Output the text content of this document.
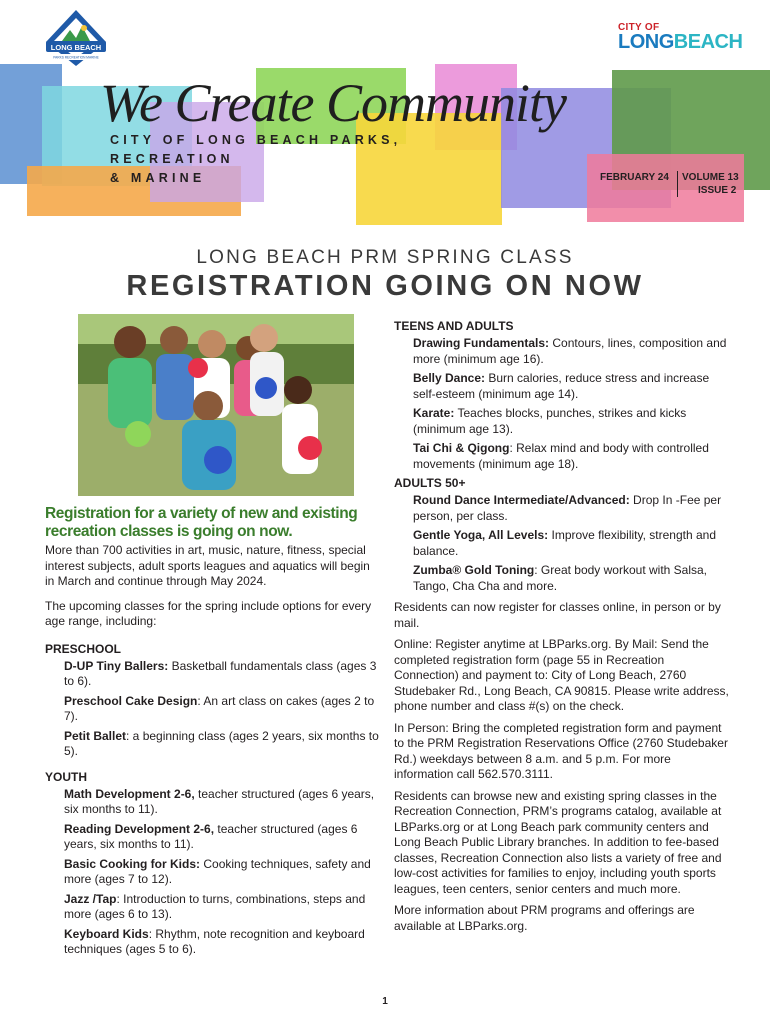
LONG BEACH
PARKS RECREATION MARINE
CITY OF
LONGBEACH
We Create Community
CITY OF LONG BEACH PARKS, RECREATION
& MARINE	FEBRUARY 24 VOLUME 13
ISSUE 2
LONG BEACH PRM SPRING CLASS
REGISTRATION GOING ON NOW
Registration for a variety of new and existing recreation classes is going on now.
More than 700 activities in art, music, nature, fitness, special interest subjects, adult sports leagues and aquatics will begin in March and continue through May 2024.
The upcoming classes for the spring include options for every age range, including:
PRESCHOOL
D-UP Tiny Ballers: Basketball fundamentals class (ages 3 to 6).
Preschool Cake Design: An art class on cakes (ages 2 to 7).
Petit Ballet: a beginning class (ages 2 years, six months to 5).
YOUTH
Math Development 2-6, teacher structured (ages 6 years, six months to 11).
Reading Development 2-6, teacher structured (ages 6 years, six months to 11).
Basic Cooking for Kids: Cooking techniques, safety and more (ages 7 to 12).
Jazz /Tap: Introduction to turns, combinations, steps and more (ages 6 to 13).
Keyboard Kids: Rhythm, note recognition and keyboard techniques (ages 5 to 6).
TEENS AND ADULTS
Drawing Fundamentals: Contours, lines, composition and more (minimum age 16).
Belly Dance: Burn calories, reduce stress and increase self-esteem (minimum age 14).
Karate: Teaches blocks, punches, strikes and kicks (minimum age 13).
Tai Chi & Qigong: Relax mind and body with controlled movements (minimum age 18).
ADULTS 50+
Round Dance Intermediate/Advanced: Drop In -Fee per person, per class.
Gentle Yoga, All Levels: Improve flexibility, strength and balance.
Zumba® Gold Toning: Great body workout with Salsa, Tango, Cha Cha and more.
Residents can now register for classes online, in person or by mail.
Online: Register anytime at LBParks.org. By Mail: Send the completed registration form (page 55 in Recreation Connection) and payment to: City of Long Beach, 2760 Studebaker Rd., Long Beach, CA 90815. Please write address, phone number and class #(s) on the check.
In Person: Bring the completed registration form and payment to the PRM Registration Reservations Office (2760 Studebaker Rd.) weekdays between 8 a.m. and 5 p.m. For more information call 562.570.3111.
Residents can browse new and existing spring classes in the Recreation Connection, PRM’s programs catalog, available at LBParks.org or at Long Beach park community centers and Long Beach Public Library branches. In addition to fee-based classes, Recreation Connection also lists a variety of free and low-cost activities for families to enjoy, including youth sports leagues, teen centers, senior centers and much more.
More information about PRM programs and offerings are available at LBParks.org.
1
